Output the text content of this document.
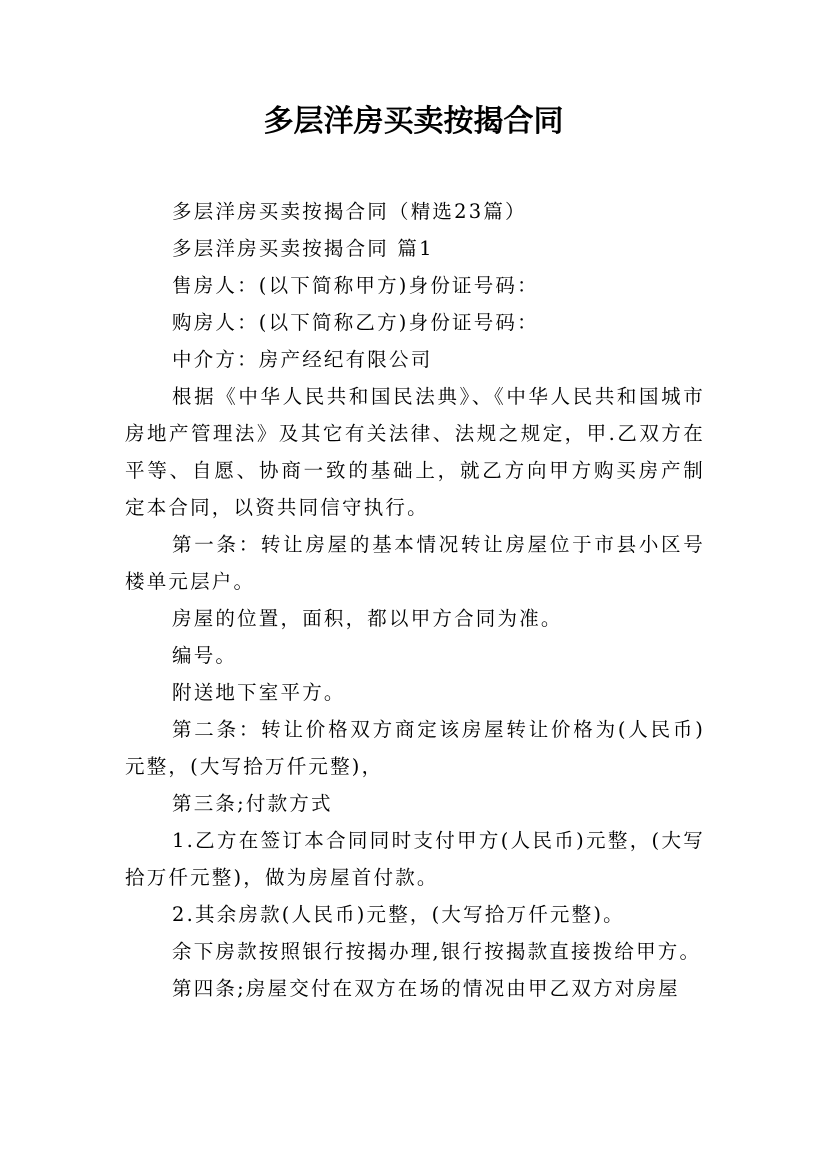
多层洋房买卖按揭合同

多层洋房买卖按揭合同（精选23篇）

多层洋房买卖按揭合同 篇1

售房人：(以下简称甲方)身份证号码：

购房人：(以下简称乙方)身份证号码：

中介方：房产经纪有限公司

根据《中华人民共和国民法典》、《中华人民共和国城市房地产管理法》及其它有关法律、法规之规定，甲.乙双方在平等、自愿、协商一致的基础上，就乙方向甲方购买房产制定本合同，以资共同信守执行。

第一条：转让房屋的基本情况转让房屋位于市县小区号楼单元层户。

房屋的位置，面积，都以甲方合同为准。

编号。

附送地下室平方。

第二条：转让价格双方商定该房屋转让价格为(人民币)元整，(大写拾万仟元整)，

第三条;付款方式

1.乙方在签订本合同同时支付甲方(人民币)元整，(大写拾万仟元整)，做为房屋首付款。

2.其余房款(人民币)元整，(大写拾万仟元整)。

余下房款按照银行按揭办理,银行按揭款直接拨给甲方。

第四条;房屋交付在双方在场的情况由甲乙双方对房屋
